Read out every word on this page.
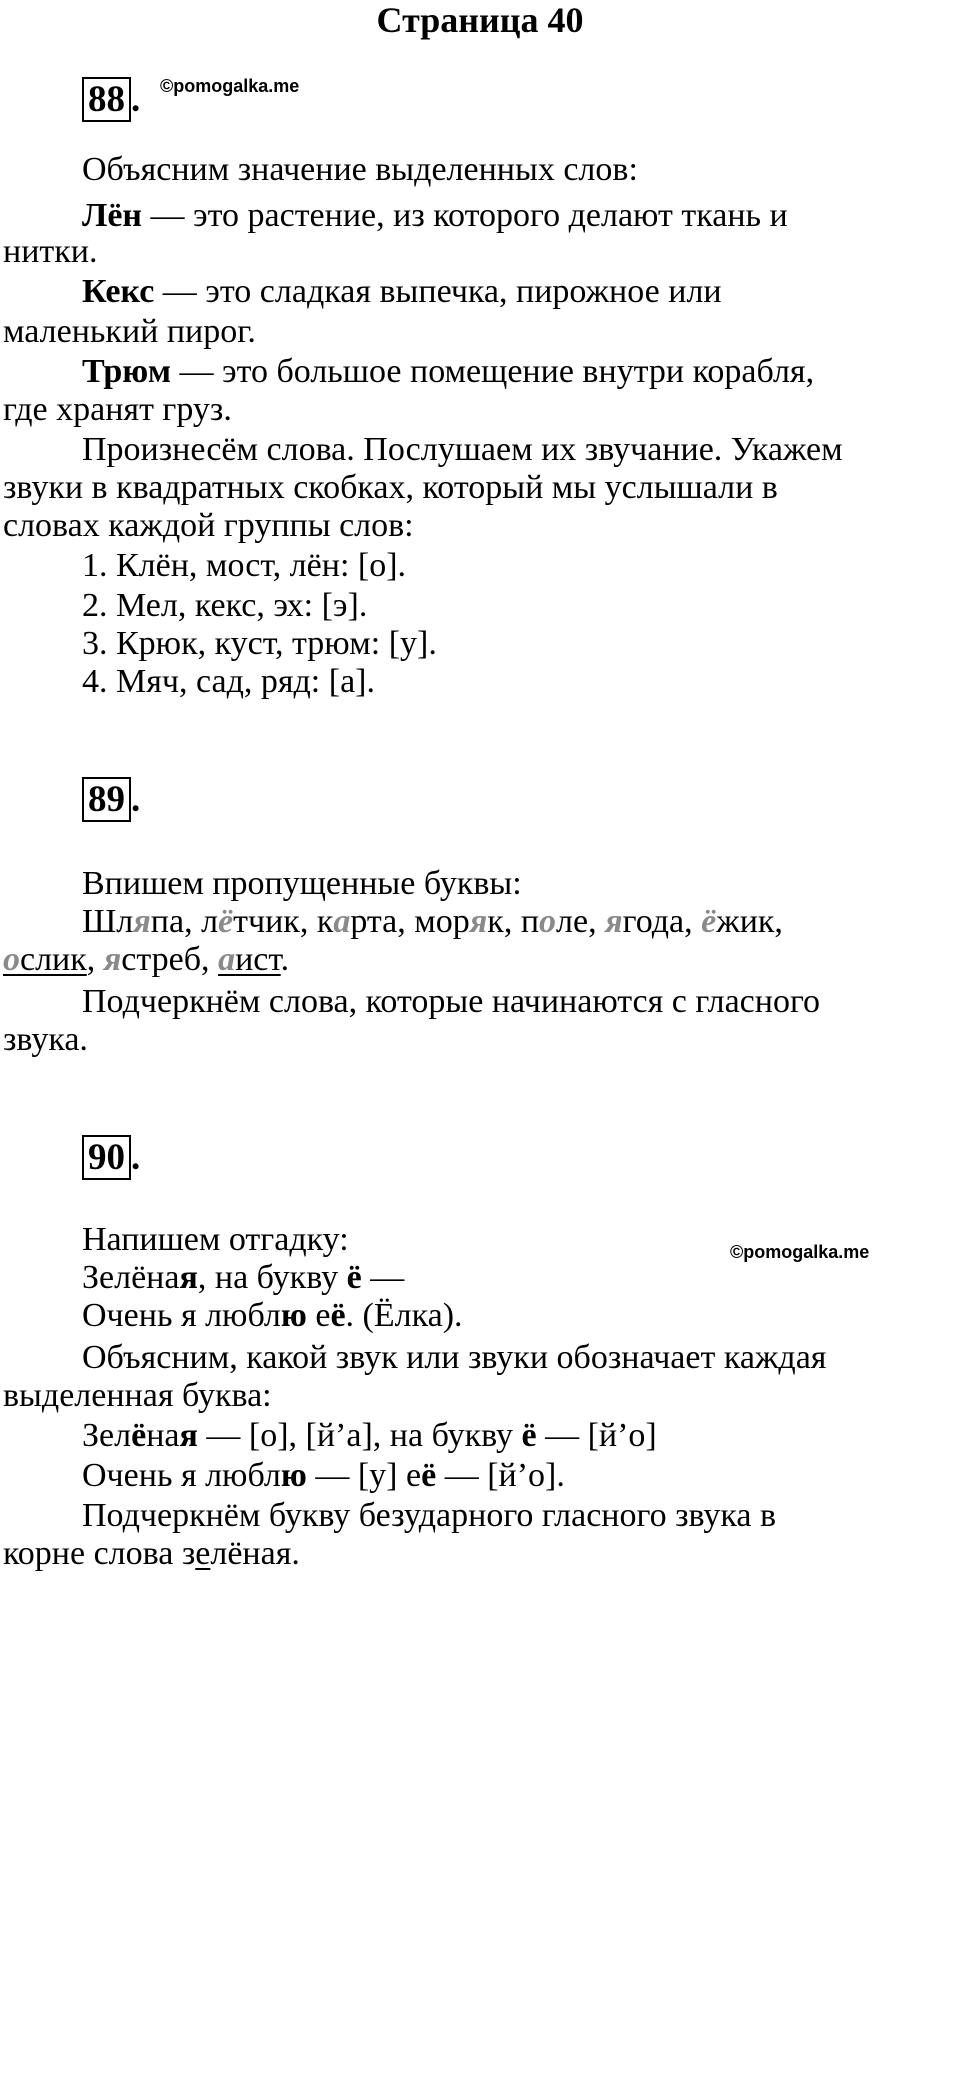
Страница 40
88 . ©pomogalka.me
Объясним значение выделенных слов:
Лён — это растение, из которого делают ткань и
нитки.
Кекс — это сладкая выпечка, пирожное или
маленький пирог.
Трюм — это большое помещение внутри корабля,
где хранят груз.
Произнесём слова. Послушаем их звучание. Укажем
звуки в квадратных скобках, который мы услышали в
словах каждой группы слов:
1. Клён, мост, лён: [о].
2. Мел, кекс, эх: [э].
3. Крюк, куст, трюм: [у].
4. Мяч, сад, ряд: [а].
89 .
Впишем пропущенные буквы:
Шляпа, лётчик, карта, моряк, поле, ягода, ёжик,
ослик, ястреб, аист.
Подчеркнём слова, которые начинаются с гласного
звука.
90 .
Напишем отгадку:	©pomogalka.me
Зелёная, на букву ё —
Очень я люблю её. (Ёлка).
Объясним, какой звук или звуки обозначает каждая
выделенная буква:
Зелёная — [о], [й’а], на букву ё — [й’о]
Очень я люблю — [у] её — [й’о].
Подчеркнём букву безударного гласного звука в
корне слова зелёная.
